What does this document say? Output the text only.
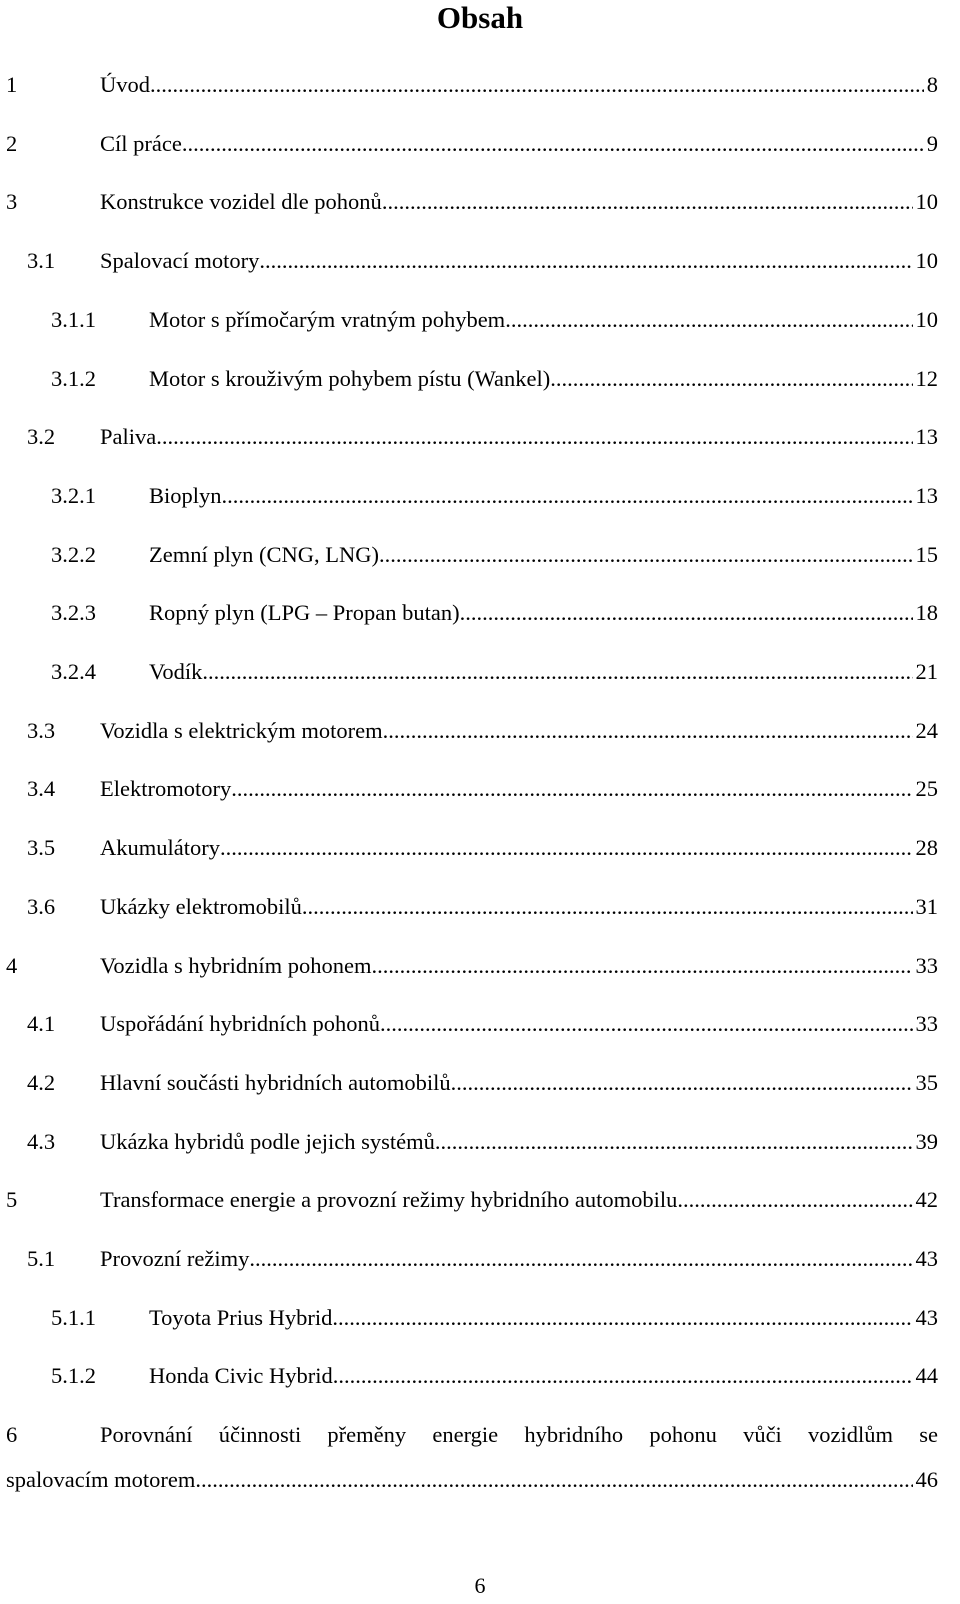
Obsah
1	Úvod .....	8
2	Cíl práce .....	9
3	Konstrukce vozidel dle pohonů .....	10
3.1 Spalovací motory .....	10
3.1.1 Motor s přímočarým vratným pohybem .....	10
3.1.2 Motor s krouživým pohybem pístu (Wankel) .....	12
3.2 Paliva .....	13
3.2.1 Bioplyn .....	13
3.2.2 Zemní plyn (CNG, LNG) .....	15
3.2.3 Ropný plyn (LPG – Propan butan) .....	18
3.2.4 Vodík .....	21
3.3 Vozidla s elektrickým motorem .....	24
3.4 Elektromotory .....	25
3.5 Akumulátory .....	28
3.6 Ukázky elektromobilů .....	31
4	Vozidla s hybridním pohonem .....	33
4.1 Uspořádání hybridních pohonů .....	33
4.2 Hlavní součásti hybridních automobilů .....	35
4.3 Ukázka hybridů podle jejich systémů .....	39
5	Transformace energie a provozní režimy hybridního automobilu .....	42
5.1 Provozní režimy .....	43
5.1.1 Toyota Prius Hybrid .....	43
5.1.2 Honda Civic Hybrid .....	44
6	Porovnání účinnosti přeměny energie hybridního pohonu vůči vozidlům se
spalovacím motorem .....	46
6
